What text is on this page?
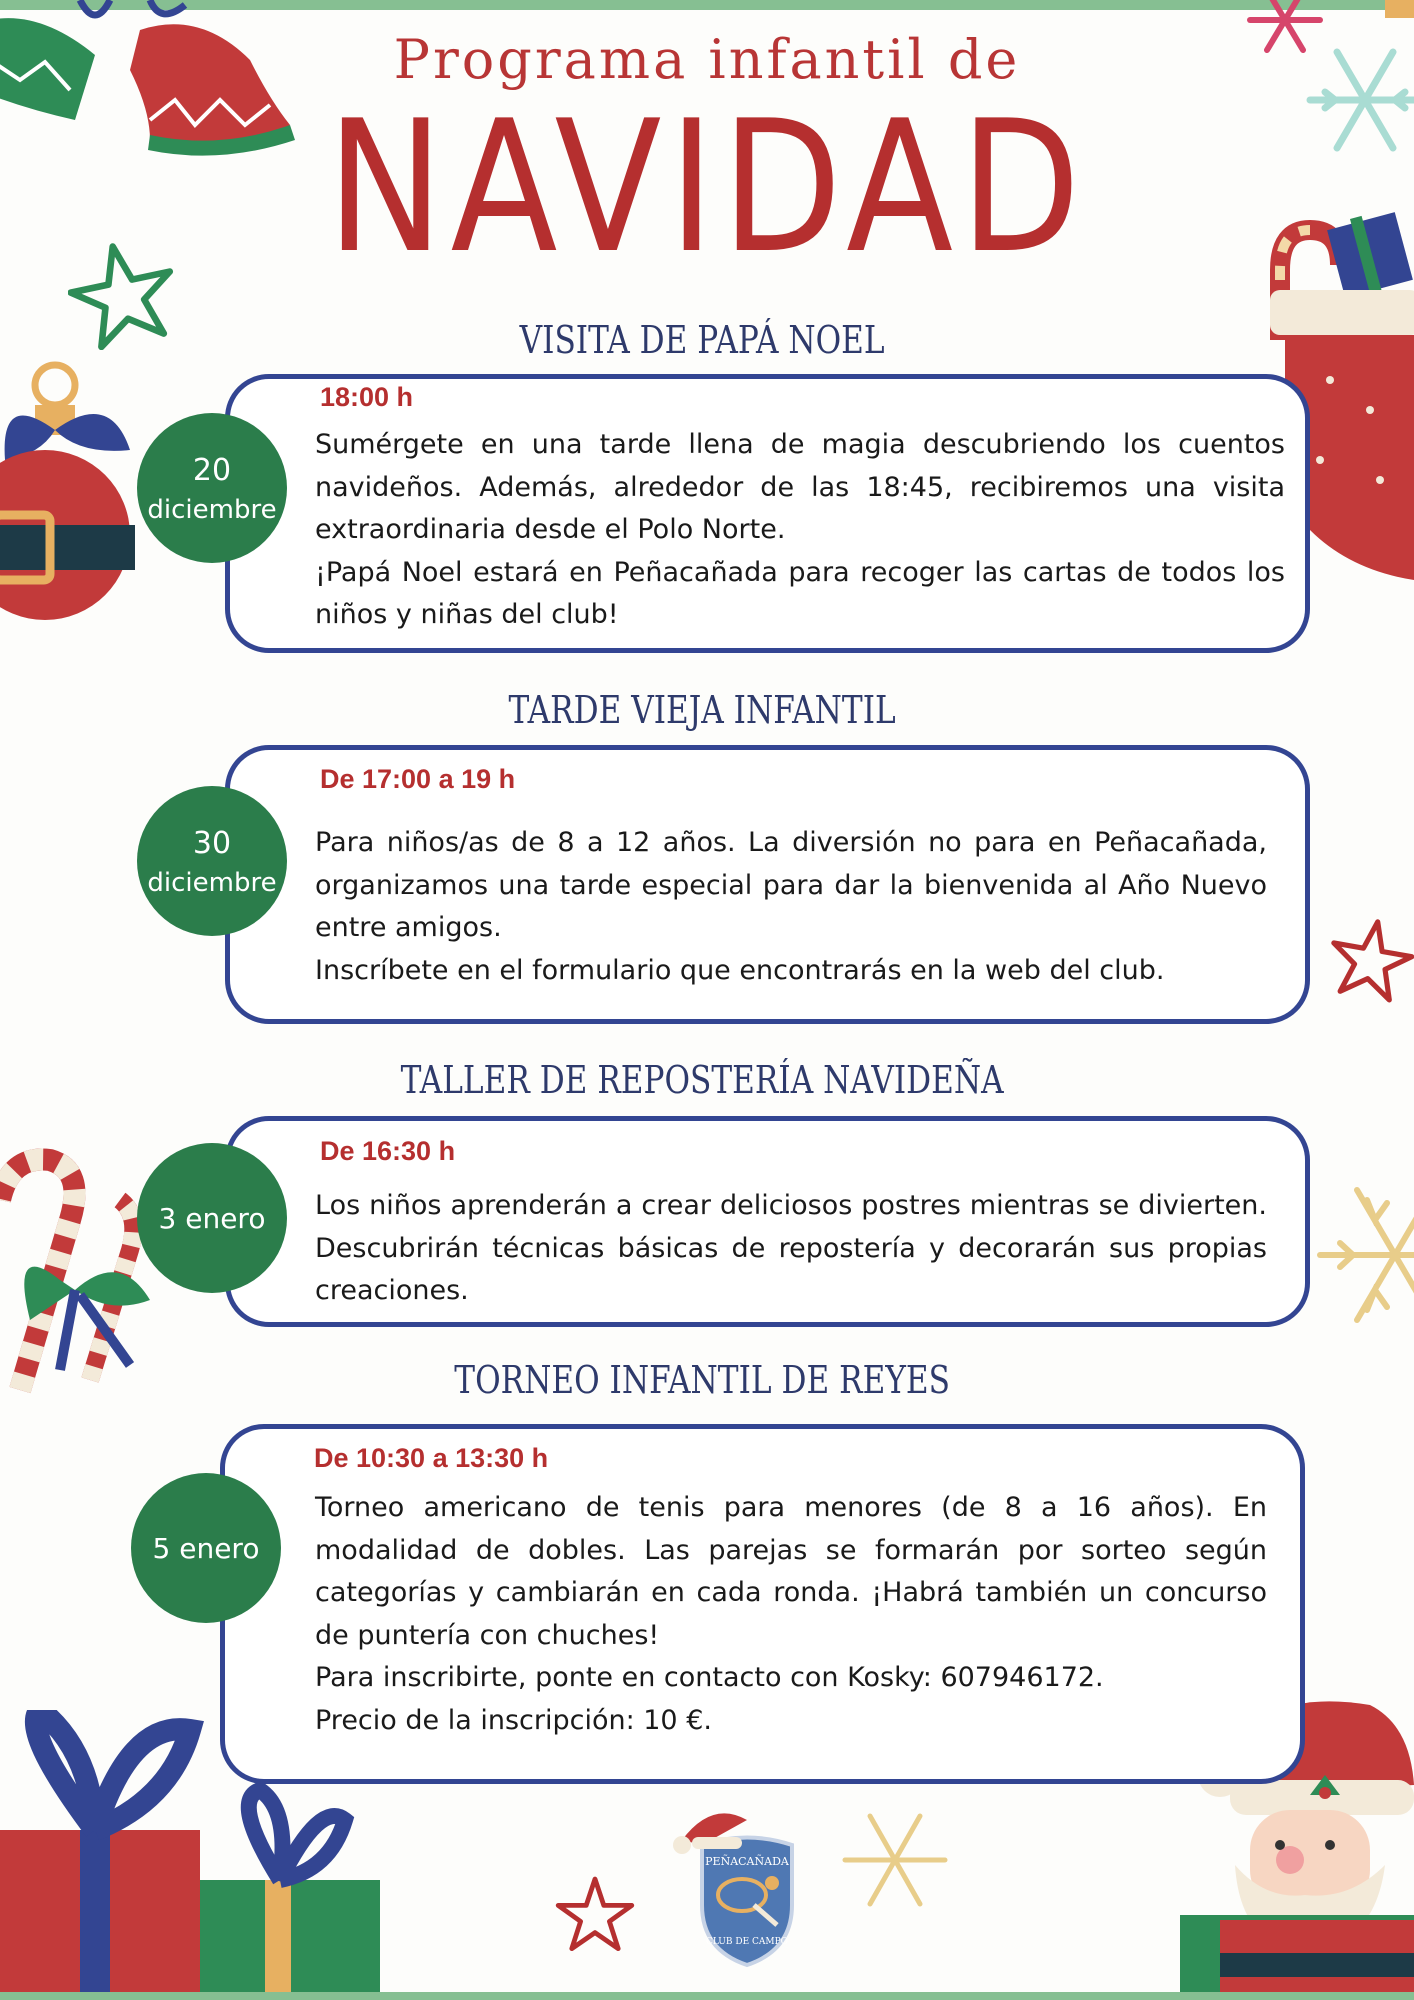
Programa infantil de
NAVIDAD
VISITA DE PAPÁ NOEL
18:00 h
20
diciembre

Sumérgete en una tarde llena de magia descubriendo los cuentos navideños. Además, alrededor de las 18:45, recibiremos una visita extraordinaria desde el Polo Norte.

¡Papá Noel estará en Peñacañada para recoger las cartas de todos los niños y niñas del club!

TARDE VIEJA INFANTIL
De 17:00 a 19 h
30
diciembre

Para niños/as de 8 a 12 años. La diversión no para en Peñacañada, organizamos una tarde especial para dar la bienvenida al Año Nuevo entre amigos.

Inscríbete en el formulario que encontrarás en la web del club.

TALLER DE REPOSTERÍA NAVIDEÑA
De 16:30 h
3 enero Los niños aprenderán a crear deliciosos postres mientras se divierten. Descubrirán técnicas básicas de repostería y decorarán sus propias creaciones.

TORNEO INFANTIL DE REYES
De 10:30 a 13:30 h
5 enero

Torneo americano de tenis para menores (de 8 a 16 años). En modalidad de dobles. Las parejas se formarán por sorteo según categorías y cambiarán en cada ronda. ¡Habrá también un concurso de puntería con chuches!

Para inscribirte, ponte en contacto con Kosky: 607946172.

Precio de la inscripción: 10 €.

PEÑACAÑADA
CLUB DE CAMPO
